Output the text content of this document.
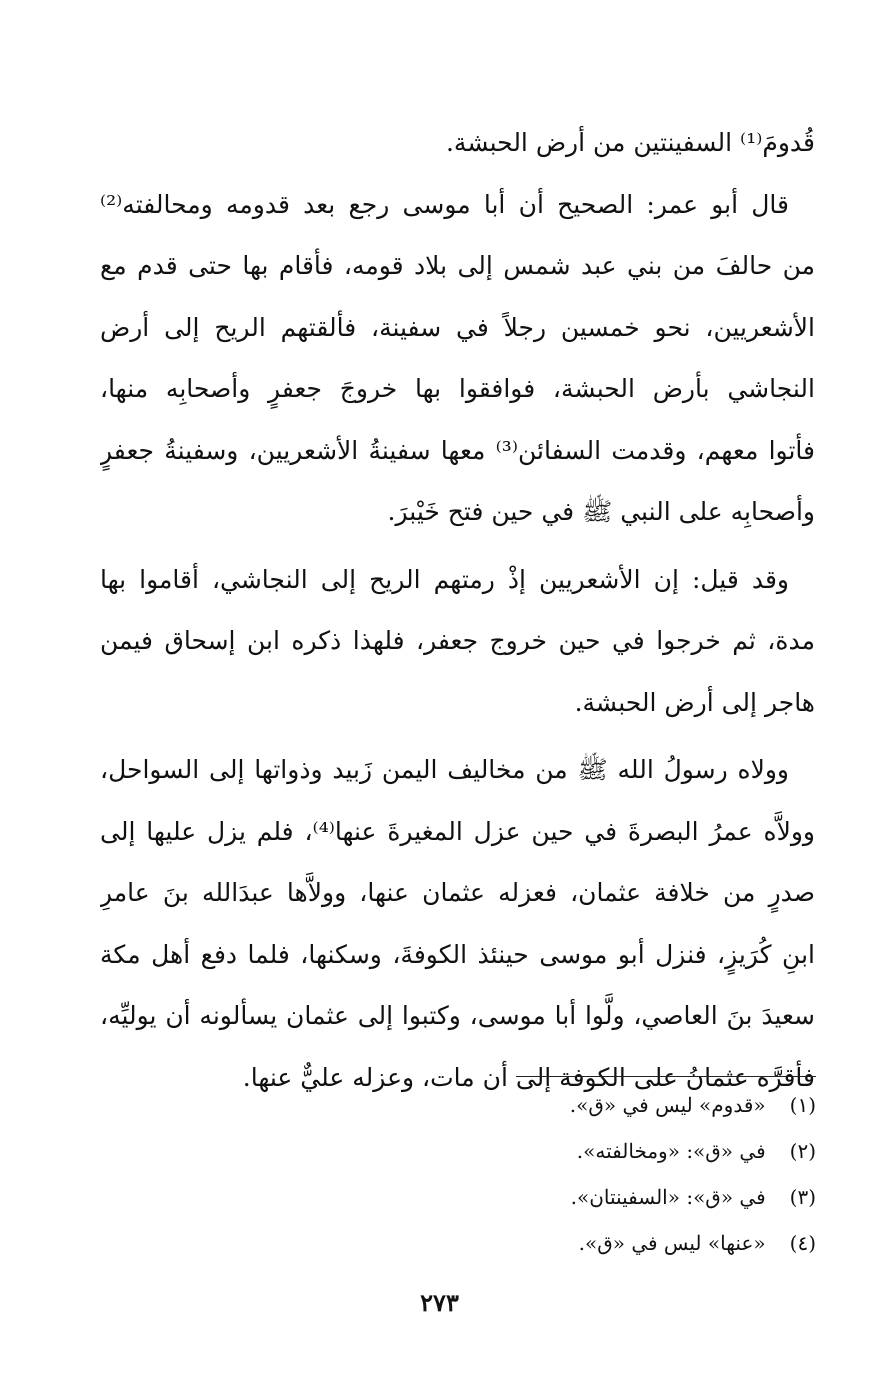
قُدومَ⁽¹⁾ السفينتين من أرض الحبشة.
قال أبو عمر: الصحيح أن أبا موسى رجع بعد قدومه ومحالفته⁽²⁾
من حالفَ من بني عبد شمس إلى بلاد قومه، فأقام بها حتى قدم مع
الأشعريين، نحو خمسين رجلاً في سفينة، فألقتهم الريح إلى أرض
النجاشي بأرض الحبشة، فوافقوا بها خروجَ جعفرٍ وأصحابِه منها،
فأتوا معهم، وقدمت السفائن⁽³⁾ معها سفينةُ الأشعريين، وسفينةُ جعفرٍ
وأصحابِه على النبي ﷺ في حين فتح خَيْبرَ.
وقد قيل: إن الأشعريين إذْ رمتهم الريح إلى النجاشي، أقاموا بها
مدة، ثم خرجوا في حين خروج جعفر، فلهذا ذكره ابن إسحاق فيمن
هاجر إلى أرض الحبشة.
وولاه رسولُ الله ﷺ من مخاليف اليمن زَبيد وذواتها إلى السواحل،
وولاَّه عمرُ البصرةَ في حين عزل المغيرةَ عنها⁽⁴⁾، فلم يزل عليها إلى
صدرٍ من خلافة عثمان، فعزله عثمان عنها، وولاَّها عبدَالله بنَ عامرِ
ابنِ كُرَيزٍ، فنزل أبو موسى حينئذ الكوفةَ، وسكنها، فلما دفع أهل مكة
سعيدَ بنَ العاصي، ولَّوا أبا موسى، وكتبوا إلى عثمان يسألونه أن يوليِّه،
فأقرَّه عثمانُ على الكوفة إلى أن مات، وعزله عليٌّ عنها.
(١) «قدوم» ليس في «ق».
(٢) في «ق»: «ومخالفته».
(٣) في «ق»: «السفينتان».
(٤) «عنها» ليس في «ق».
٢٧٣
